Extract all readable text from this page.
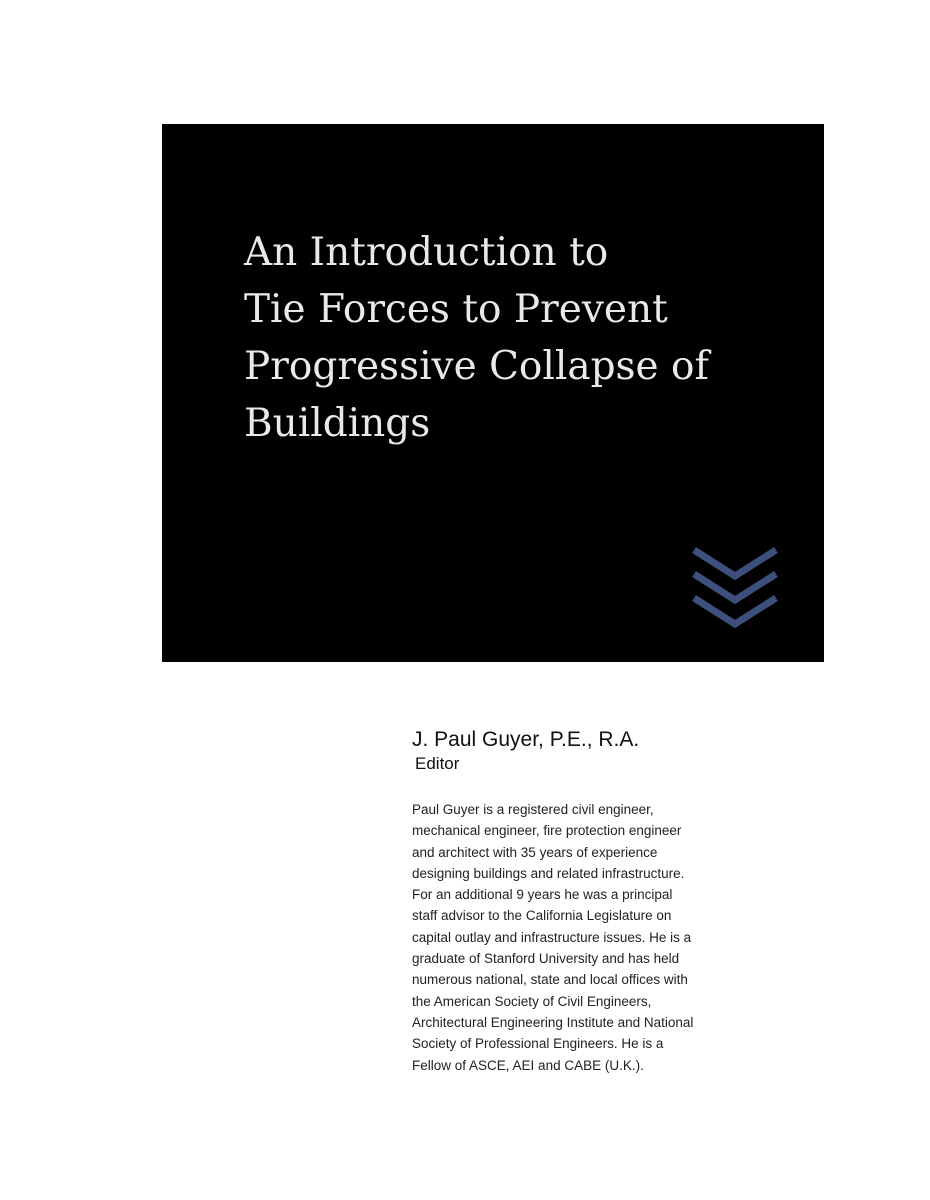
An Introduction to
Tie Forces to Prevent
Progressive Collapse of
Buildings
J. Paul Guyer, P.E., R.A.
Editor
Paul Guyer is a registered civil engineer,
mechanical engineer, fire protection engineer
and architect with 35 years of experience
designing buildings and related infrastructure.
For an additional 9 years he was a principal
staff advisor to the California Legislature on
capital outlay and infrastructure issues. He is a
graduate of Stanford University and has held
numerous national, state and local offices with
the American Society of Civil Engineers,
Architectural Engineering Institute and National
Society of Professional Engineers. He is a
Fellow of ASCE, AEI and CABE (U.K.).
